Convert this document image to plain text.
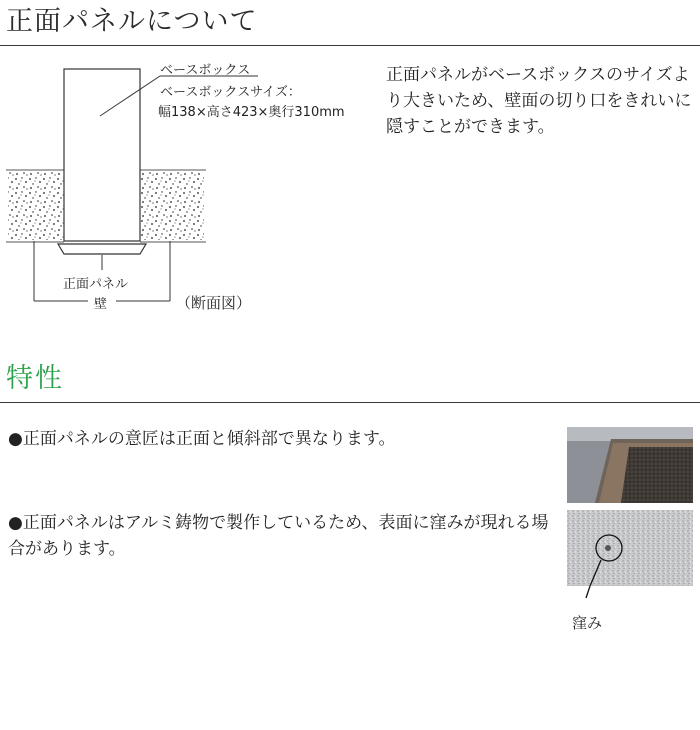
正面パネルについて
ベースボックス
ベースボックスサイズ：
幅138×高さ423×奥行310mm
正面パネル
壁	（断面図）
正面パネルがベースボックスのサイズより大きいため、壁面の切り口をきれいに隠すことができます。
特性
●正面パネルの意匠は正面と傾斜部で異なります。
●正面パネルはアルミ鋳物で製作しているため、表面に窪みが現れる場合があります。
窪み
